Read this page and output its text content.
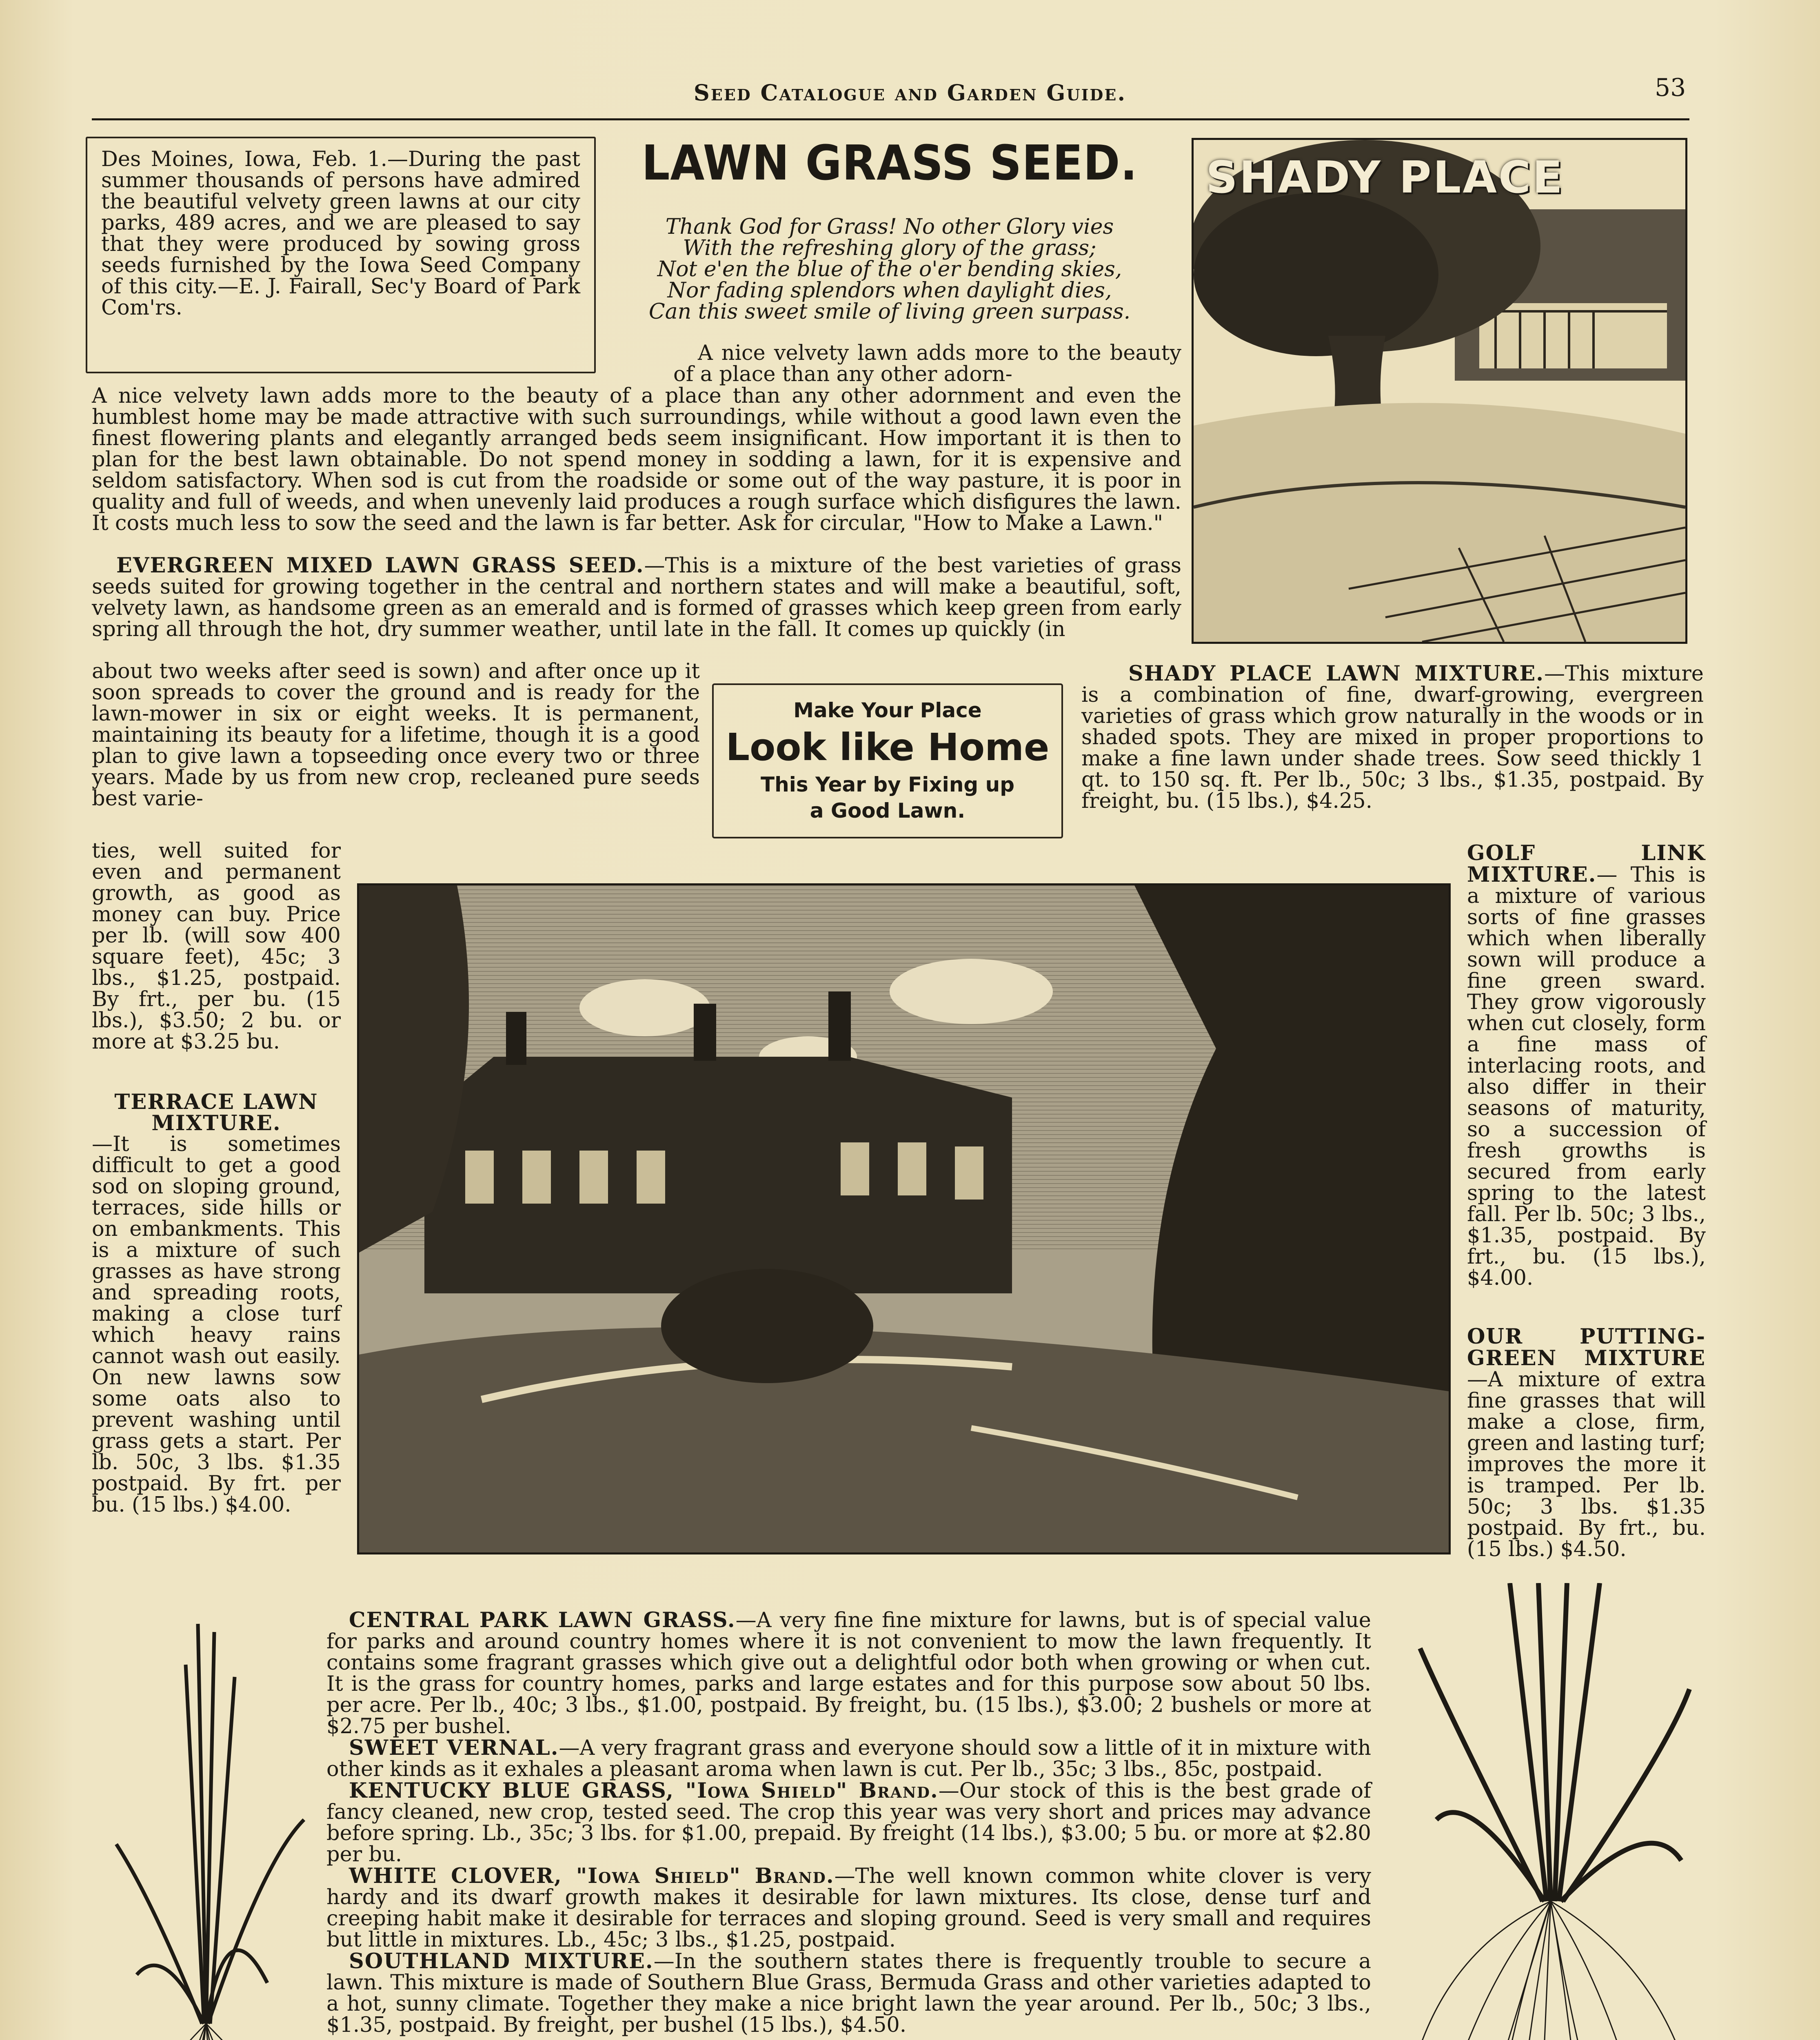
Seed Catalogue and Garden Guide.	53
Des Moines, Iowa, Feb. 1.—During the past summer thousands of persons have admired the beautiful velvety green lawns at our city parks, 489 acres, and we are pleased to say that they were produced by sowing gross seeds furnished by the Iowa Seed Company of this city.—E. J. Fairall, Sec'y Board of Park Com'rs.
LAWN GRASS SEED.
Thank God for Grass! No other Glory vies
With the refreshing glory of the grass;
Not e'en the blue of the o'er bending skies,
Nor fading splendors when daylight dies,
Can this sweet smile of living green surpass.
SHADY PLACE
A nice velvety lawn adds more to the beauty of a place than any other adorn-

A nice velvety lawn adds more to the beauty of a place than any other adornment and even the humblest home may be made attractive with such surroundings, while without a good lawn even the finest flowering plants and elegantly arranged beds seem insignificant. How important it is then to plan for the best lawn obtainable. Do not spend money in sodding a lawn, for it is expensive and seldom satisfactory. When sod is cut from the roadside or some out of the way pasture, it is poor in quality and full of weeds, and when unevenly laid produces a rough surface which disfigures the lawn. It costs much less to sow the seed and the lawn is far better. Ask for circular, "How to Make a Lawn."

EVERGREEN MIXED LAWN GRASS SEED.—This is a mixture of the best varieties of grass seeds suited for growing together in the central and northern states and will make a beautiful, soft, velvety lawn, as handsome green as an emerald and is formed of grasses which keep green from early spring all through the hot, dry summer weather, until late in the fall. It comes up quickly (in
about two weeks after seed is sown) and after once up it soon spreads to cover the ground and is ready for the lawn-mower in six or eight weeks. It is permanent, maintaining its beauty for a lifetime, though it is a good plan to give lawn a topseeding once every two or three years. Made by us from new crop, recleaned pure seeds best varie-
ties, well suited for even and permanent growth, as good as money can buy. Price per lb. (will sow 400 square feet), 45c; 3 lbs., $1.25, postpaid. By frt., per bu. (15 lbs.), $3.50; 2 bu. or more at $3.25 bu.
Make Your Place
Look like Home
This Year by Fixing up
a Good Lawn.
SHADY PLACE LAWN MIXTURE.—This mixture is a combination of fine, dwarf-growing, evergreen varieties of grass which grow naturally in the woods or in shaded spots. They are mixed in proper proportions to make a fine lawn under shade trees. Sow seed thickly 1 qt. to 150 sq. ft. Per lb., 50c; 3 lbs., $1.35, postpaid. By freight, bu. (15 lbs.), $4.25.
TERRACE LAWN MIXTURE.
—It is sometimes difficult to get a good sod on sloping ground, terraces, side hills or on embankments. This is a mixture of such grasses as have strong and spreading roots, making a close turf which heavy rains cannot wash out easily. On new lawns sow some oats also to prevent washing until grass gets a start. Per lb. 50c, 3 lbs. $1.35 postpaid. By frt. per bu. (15 lbs.) $4.00.
GOLF LINK MIXTURE.— This is a mixture of various sorts of fine grasses which when liberally sown will produce a fine green sward. They grow vigorously when cut closely, form a fine mass of interlacing roots, and also differ in their seasons of maturity, so a succession of fresh growths is secured from early spring to the latest fall. Per lb. 50c; 3 lbs., $1.35, postpaid. By frt., bu. (15 lbs.), $4.00.
OUR PUTTING-GREEN MIXTURE—A mixture of extra fine grasses that will make a close, firm, green and lasting turf; improves the more it is tramped. Per lb. 50c; 3 lbs. $1.35 postpaid. By frt., bu. (15 lbs.) $4.50.

CENTRAL PARK LAWN GRASS.—A very fine fine mixture for lawns, but is of special value for parks and around country homes where it is not convenient to mow the lawn frequently. It contains some fragrant grasses which give out a delightful odor both when growing or when cut. It is the grass for country homes, parks and large estates and for this purpose sow about 50 lbs. per acre. Per lb., 40c; 3 lbs., $1.00, postpaid. By freight, bu. (15 lbs.), $3.00; 2 bushels or more at $2.75 per bushel.

SWEET VERNAL.—A very fragrant grass and everyone should sow a little of it in mixture with other kinds as it exhales a pleasant aroma when lawn is cut. Per lb., 35c; 3 lbs., 85c, postpaid.

KENTUCKY BLUE GRASS, "Iowa Shield" Brand.—Our stock of this is the best grade of fancy cleaned, new crop, tested seed. The crop this year was very short and prices may advance before spring. Lb., 35c; 3 lbs. for $1.00, prepaid. By freight (14 lbs.), $3.00; 5 bu. or more at $2.80 per bu.

WHITE CLOVER, "Iowa Shield" Brand.—The well known common white clover is very hardy and its dwarf growth makes it desirable for lawn mixtures. Its close, dense turf and creeping habit make it desirable for terraces and sloping ground. Seed is very small and requires but little in mixtures. Lb., 45c; 3 lbs., $1.25, postpaid.

SOUTHLAND MIXTURE.—In the southern states there is frequently trouble to secure a lawn. This mixture is made of Southern Blue Grass, Bermuda Grass and other varieties adapted to a hot, sunny climate. Together they make a nice bright lawn the year around. Per lb., 50c; 3 lbs., $1.35, postpaid. By freight, per bushel (15 lbs.), $4.50.
